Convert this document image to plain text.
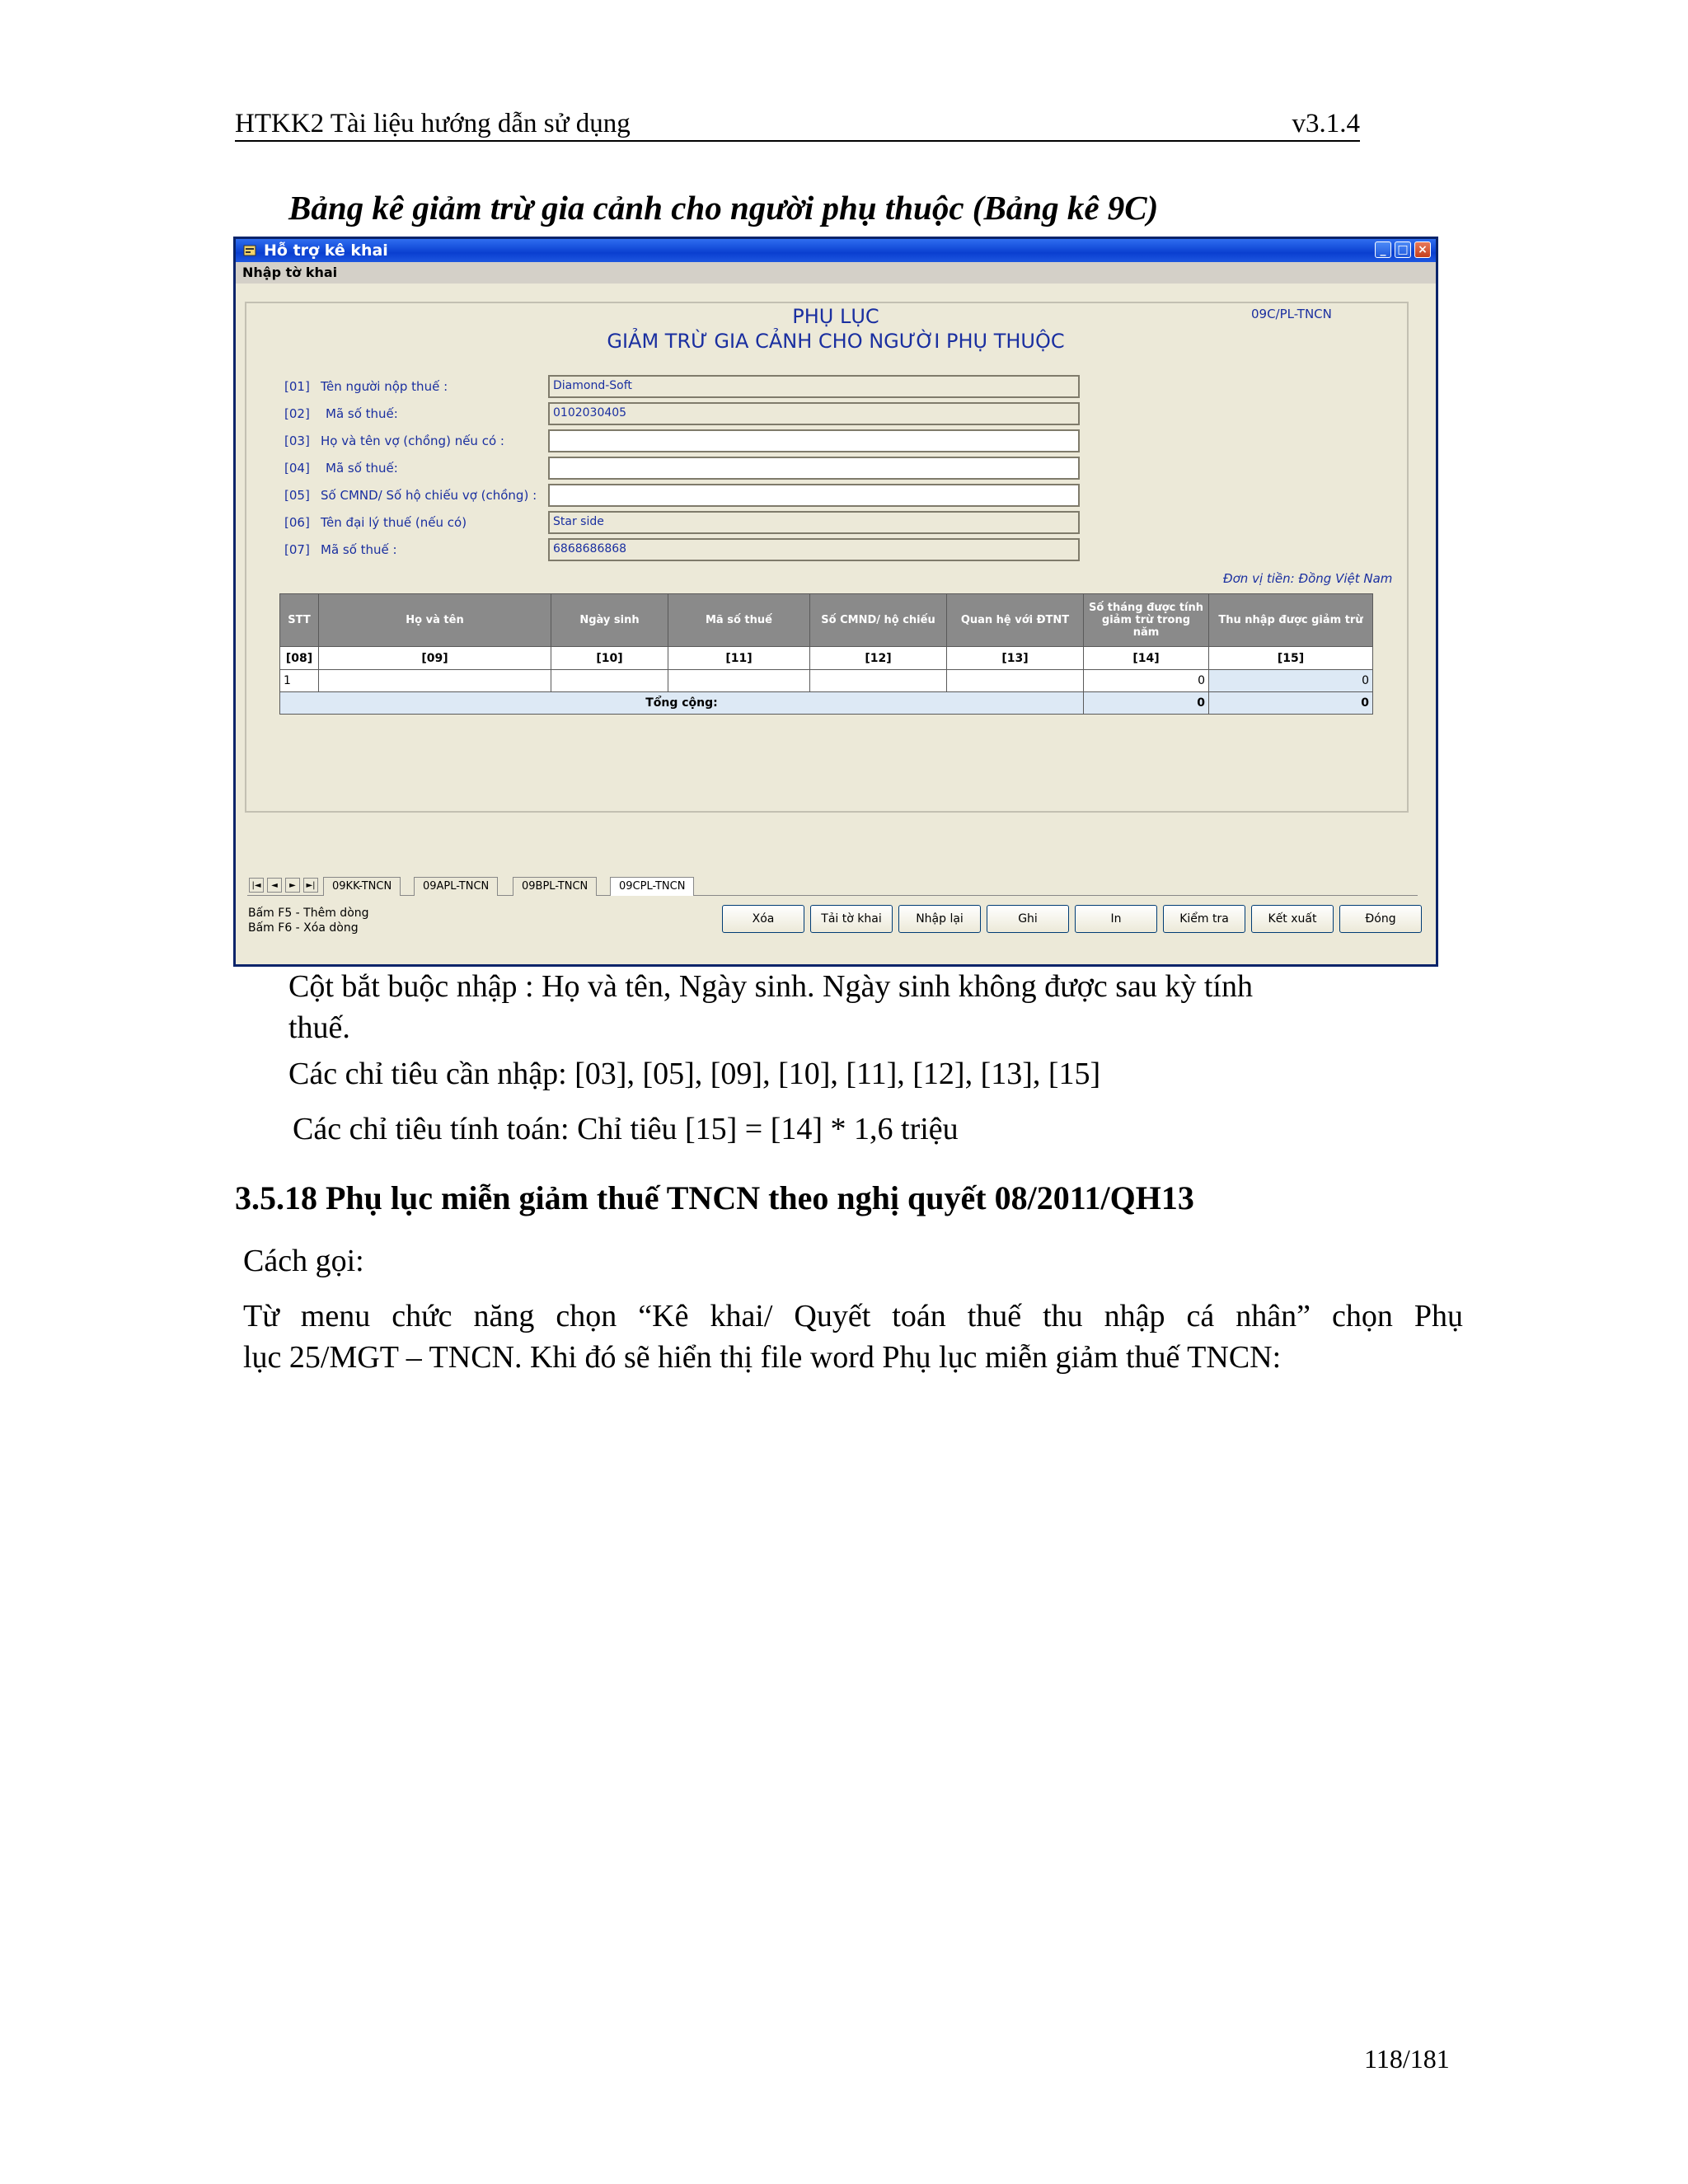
HTKK2 Tài liệu hướng dẫn sử dụng	v3.1.4
Bảng kê giảm trừ gia cảnh cho người phụ thuộc (Bảng kê 9C)
Hỗ trợ kê khai	_ □ ×
Nhập tờ khai
PHỤ LỤC
GIẢM TRỪ GIA CẢNH CHO NGƯỜI PHỤ THUỘC
09C/PL-TNCN
[01] Tên người nộp thuế :	Diamond-Soft
[02] Mã số thuế:	0102030405
[03] Họ và tên vợ (chồng) nếu có :
[04] Mã số thuế:
[05] Số CMND/ Số hộ chiếu vợ (chồng) :
[06] Tên đại lý thuế (nếu có)	Star side
[07] Mã số thuế :	6868686868
Đơn vị tiền: Đồng Việt Nam
STT	Họ và tên	Ngày sinh	Mã số thuế	Số CMND/ hộ chiếu	Quan hệ với ĐTNT	Số tháng được tính giảm trừ trong năm	Thu nhập được giảm trừ
[08]	[09]	[10]	[11]	[12]	[13]	[14]	[15]
1						0	0
Tổng cộng:						0	0
|◄	◄	►	►|	09KK-TNCN	09APL-TNCN	09BPL-TNCN	09CPL-TNCN
Bấm F5 - Thêm dòng
Bấm F6 - Xóa dòng
Xóa	Tải tờ khai	Nhập lại	Ghi	In	Kiểm tra	Kết xuất	Đóng
Cột bắt buộc nhập : Họ và tên, Ngày sinh. Ngày sinh không được sau kỳ tính
thuế.
Các chỉ tiêu cần nhập: [03], [05], [09], [10], [11], [12], [13], [15]
Các chỉ tiêu tính toán: Chỉ tiêu [15] = [14] * 1,6 triệu
3.5.18 Phụ lục miễn giảm thuế TNCN theo nghị quyết 08/2011/QH13
Cách gọi:
Từ menu chức năng chọn “Kê khai/ Quyết toán thuế thu nhập cá nhân” chọn Phụ
lục 25/MGT – TNCN. Khi đó sẽ hiển thị file word Phụ lục miễn giảm thuế TNCN:
118/181
